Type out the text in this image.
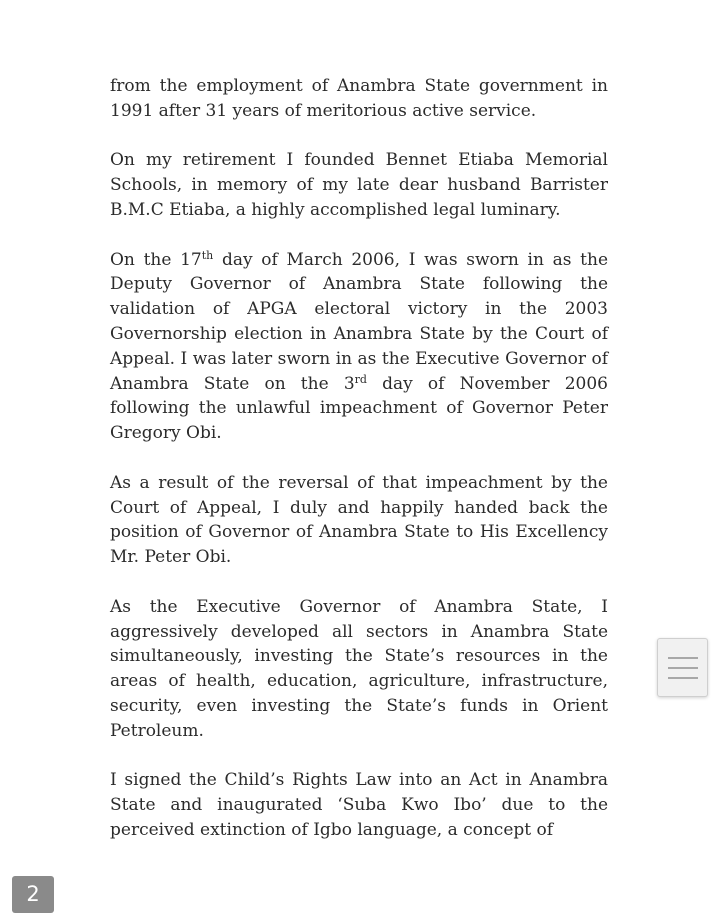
from the employment of Anambra State government in 1991 after 31 years of meritorious active service.

On my retirement I founded Bennet Etiaba Memorial Schools, in memory of my late dear husband Barrister B.M.C Etiaba, a highly accomplished legal luminary.

On the 17th day of March 2006, I was sworn in as the Deputy Governor of Anambra State following the validation of APGA electoral victory in the 2003 Governorship election in Anambra State by the Court of Appeal. I was later sworn in as the Executive Governor of Anambra State on the 3rd day of November 2006 following the unlawful impeachment of Governor Peter Gregory Obi.

As a result of the reversal of that impeachment by the Court of Appeal, I duly and happily handed back the position of Governor of Anambra State to His Excellency Mr. Peter Obi.

As the Executive Governor of Anambra State, I aggressively developed all sectors in Anambra State simultaneously, investing the State’s resources in the areas of health, education, agriculture, infrastructure, security, even investing the State’s funds in Orient Petroleum.

I signed the Child’s Rights Law into an Act in Anambra State and inaugurated ‘Suba Kwo Ibo’ due to the perceived extinction of Igbo language, a concept of

2
